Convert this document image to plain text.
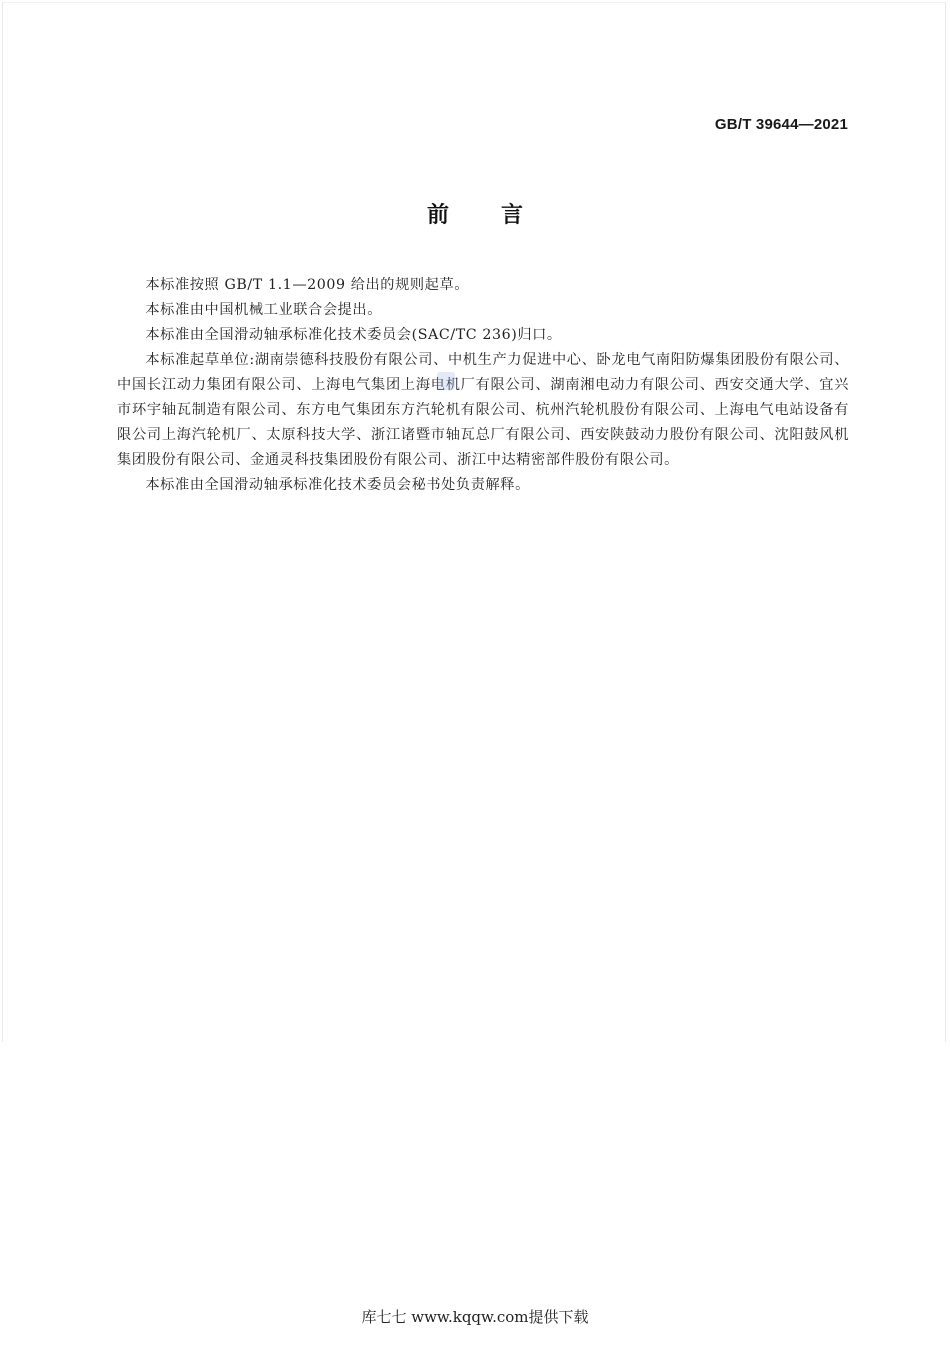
GB/T 39644—2021
前言

本标准按照 GB/T 1.1—2009 给出的规则起草。

本标准由中国机械工业联合会提出。

本标准由全国滑动轴承标准化技术委员会(SAC/TC 236)归口。

本标准起草单位:湖南崇德科技股份有限公司、中机生产力促进中心、卧龙电气南阳防爆集团股份有限公司、中国长江动力集团有限公司、上海电气集团上海电机厂有限公司、湖南湘电动力有限公司、西安交通大学、宜兴市环宇轴瓦制造有限公司、东方电气集团东方汽轮机有限公司、杭州汽轮机股份有限公司、上海电气电站设备有限公司上海汽轮机厂、太原科技大学、浙江诸暨市轴瓦总厂有限公司、西安陕鼓动力股份有限公司、沈阳鼓风机集团股份有限公司、金通灵科技集团股份有限公司、浙江中达精密部件股份有限公司。

本标准由全国滑动轴承标准化技术委员会秘书处负责解释。

库七七 www.kqqw.com提供下载
